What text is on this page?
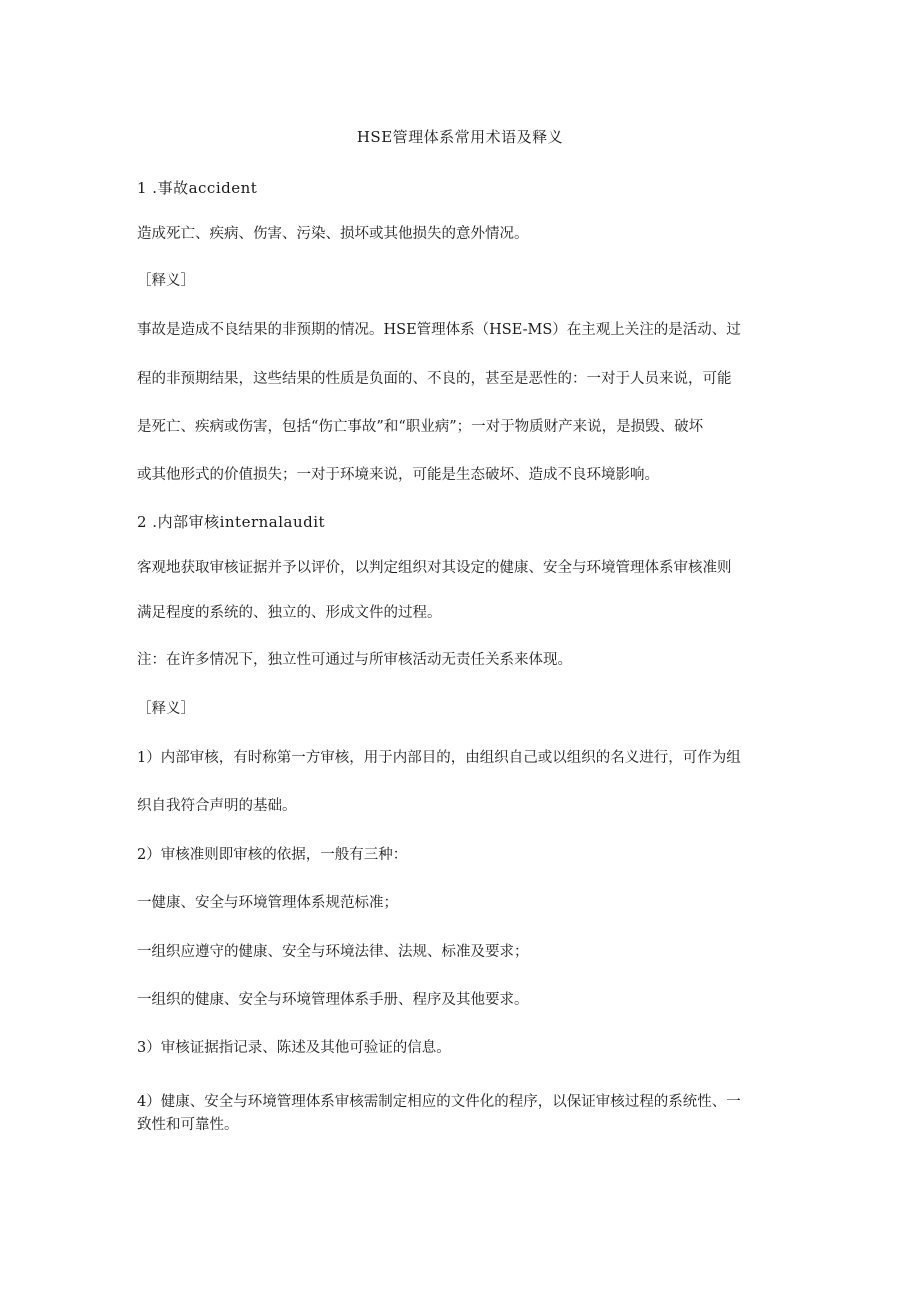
HSE管理体系常用术语及释义
1 .事故accident
造成死亡、疾病、伤害、污染、损坏或其他损失的意外情况。
［释义］
事故是造成不良结果的非预期的情况。HSE管理体系（HSE-MS）在主观上关注的是活动、过
程的非预期结果，这些结果的性质是负面的、不良的，甚至是恶性的：一对于人员来说，可能
是死亡、疾病或伤害，包括“伤亡事故”和“职业病”；一对于物质财产来说，是损毁、破坏
或其他形式的价值损失；一对于环境来说，可能是生态破坏、造成不良环境影响。
2 .内部审核internalaudit
客观地获取审核证据并予以评价，以判定组织对其设定的健康、安全与环境管理体系审核准则
满足程度的系统的、独立的、形成文件的过程。
注：在许多情况下，独立性可通过与所审核活动无责任关系来体现。
［释义］
1）内部审核，有时称第一方审核，用于内部目的，由组织自己或以组织的名义进行，可作为组
织自我符合声明的基础。
2）审核准则即审核的依据，一般有三种：
一健康、安全与环境管理体系规范标准；
一组织应遵守的健康、安全与环境法律、法规、标准及要求；
一组织的健康、安全与环境管理体系手册、程序及其他要求。
3）审核证据指记录、陈述及其他可验证的信息。
4）健康、安全与环境管理体系审核需制定相应的文件化的程序，以保证审核过程的系统性、一
致性和可靠性。
